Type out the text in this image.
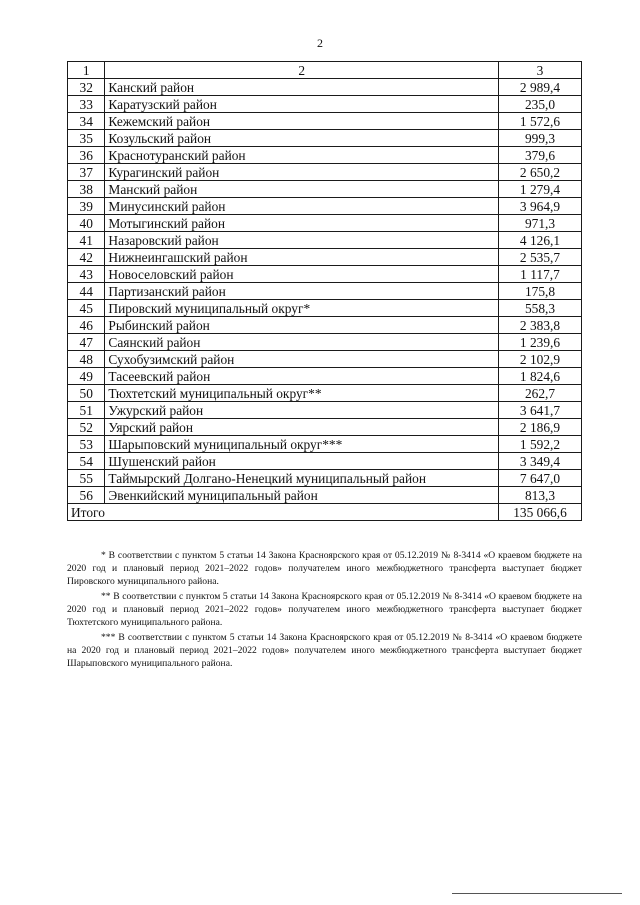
2
1	2	3
32	Канский район	2 989,4
33	Каратузский район	235,0
34	Кежемский район	1 572,6
35	Козульский район	999,3
36	Краснотуранский район	379,6
37	Курагинский район	2 650,2
38	Манский район	1 279,4
39	Минусинский район	3 964,9
40	Мотыгинский район	971,3
41	Назаровский район	4 126,1
42	Нижнеингашский район	2 535,7
43	Новоселовский район	1 117,7
44	Партизанский район	175,8
45	Пировский муниципальный округ*	558,3
46	Рыбинский район	2 383,8
47	Саянский район	1 239,6
48	Сухобузимский район	2 102,9
49	Тасеевский район	1 824,6
50	Тюхтетский муниципальный округ**	262,7
51	Ужурский район	3 641,7
52	Уярский район	2 186,9
53	Шарыповский муниципальный округ***	1 592,2
54	Шушенский район	3 349,4
55	Таймырский Долгано-Ненецкий муниципальный район	7 647,0
56	Эвенкийский муниципальный район	813,3
Итого		135 066,6

* В соответствии с пунктом 5 статьи 14 Закона Красноярского края от 05.12.2019 № 8-3414 «О краевом бюджете на 2020 год и плановый период 2021–2022 годов» получателем иного межбюджетного трансферта выступает бюджет Пировского муниципального района.

** В соответствии с пунктом 5 статьи 14 Закона Красноярского края от 05.12.2019 № 8-3414 «О краевом бюджете на 2020 год и плановый период 2021–2022 годов» получателем иного межбюджетного трансферта выступает бюджет Тюхтетского муниципального района.

*** В соответствии с пунктом 5 статьи 14 Закона Красноярского края от 05.12.2019 № 8-3414 «О краевом бюджете на 2020 год и плановый период 2021–2022 годов» получателем иного межбюджетного трансферта выступает бюджет Шарыповского муниципального района.
